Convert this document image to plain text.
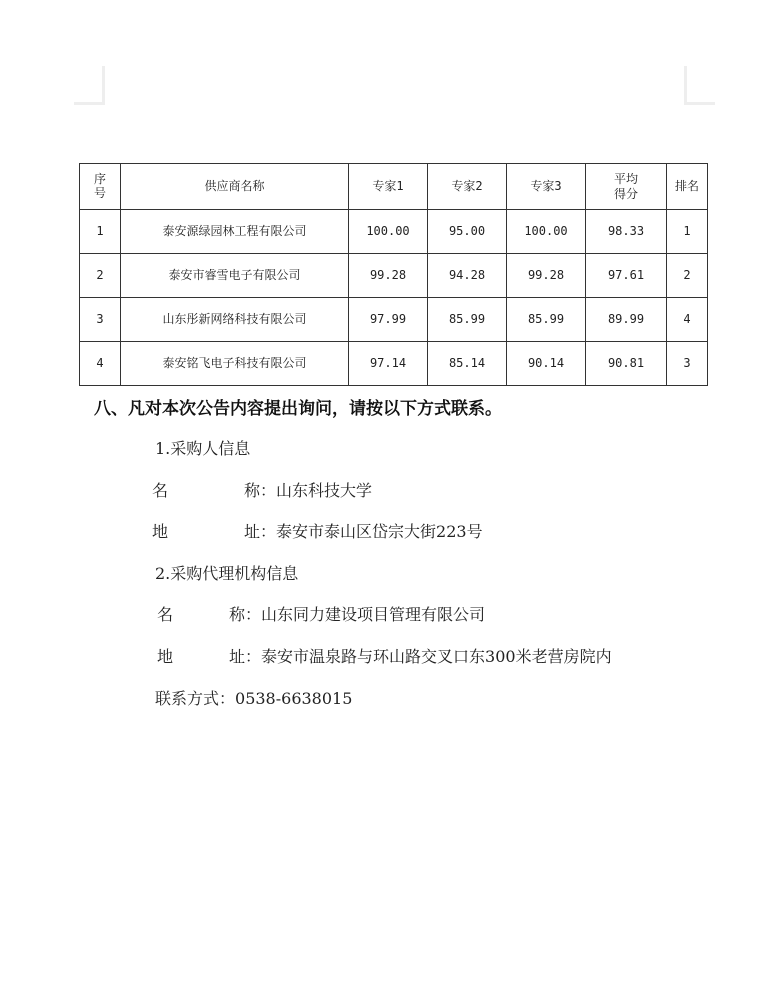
序号	供应商名称	专家1	专家2	专家3	平均得分	排名
1	泰安源绿园林工程有限公司	100.00	95.00	100.00	98.33	1
2	泰安市睿雪电子有限公司	99.28	94.28	99.28	97.61	2
3	山东彤新网络科技有限公司	97.99	85.99	85.99	89.99	4
4	泰安铭飞电子科技有限公司	97.14	85.14	90.14	90.81	3
八、凡对本次公告内容提出询问，请按以下方式联系。
1.采购人信息
名	称：山东科技大学
地	址：泰安市泰山区岱宗大街223号
2.采购代理机构信息
名	称：山东同力建设项目管理有限公司
地	址：泰安市温泉路与环山路交叉口东300米老营房院内
联系方式：0538-6638015
